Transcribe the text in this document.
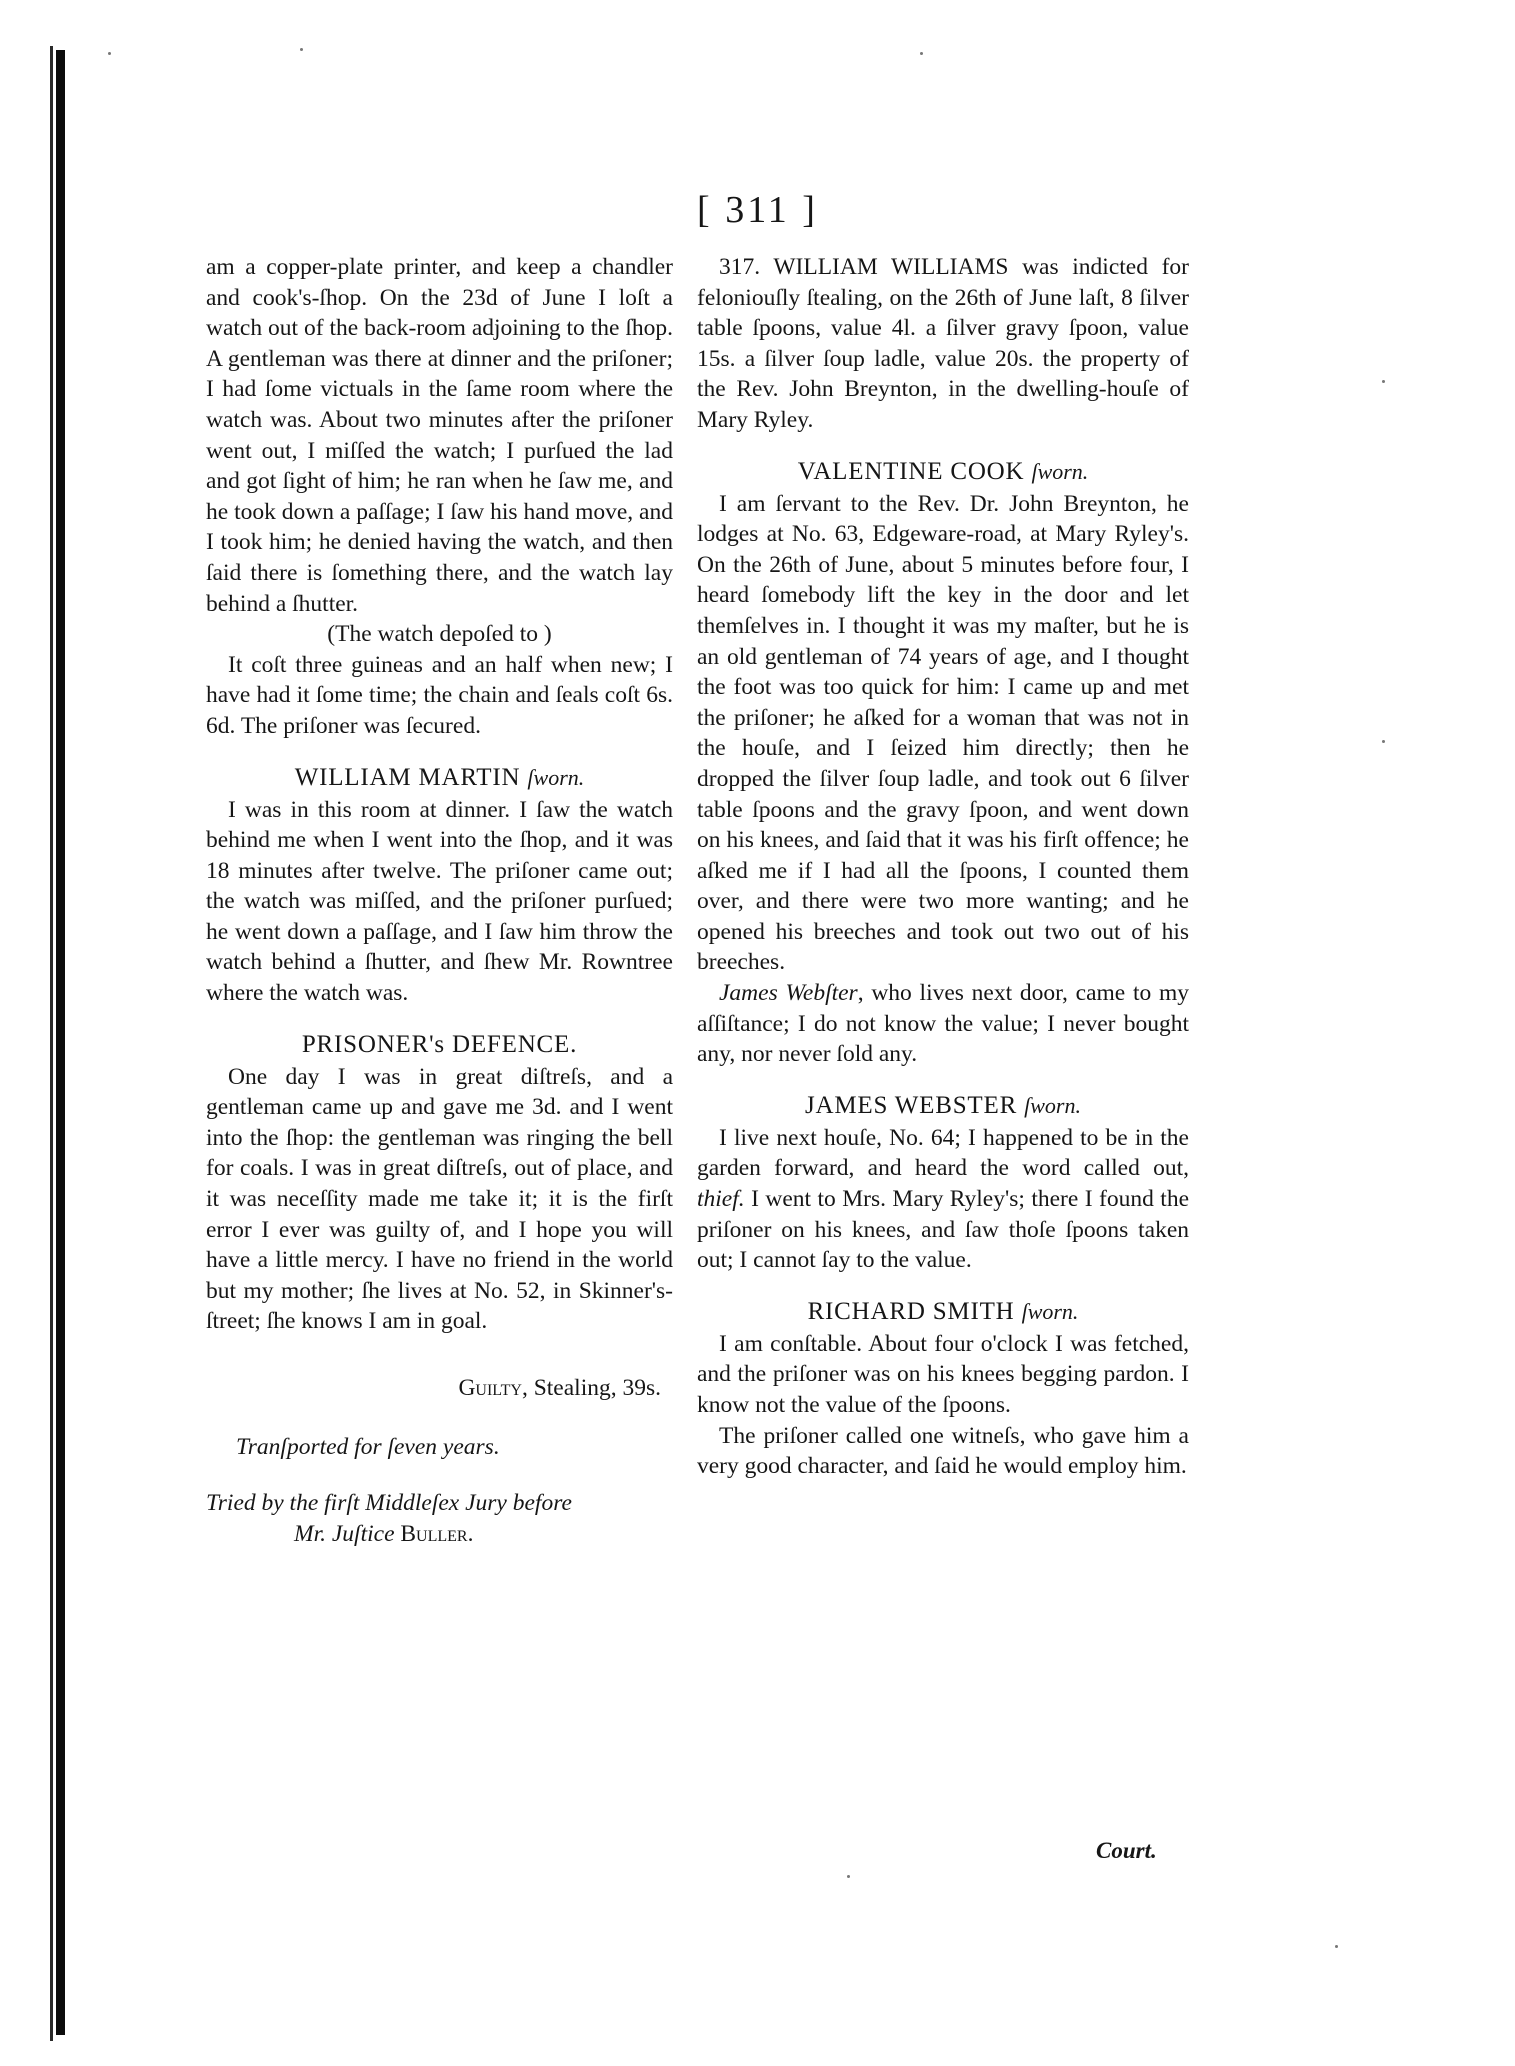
[ 311 ]

am a copper-plate printer, and keep a chandler and cook's-ſhop. On the 23d of June I loſt a watch out of the back-room adjoining to the ſhop. A gentleman was there at dinner and the priſoner; I had ſome victuals in the ſame room where the watch was. About two minutes after the priſoner went out, I miſſed the watch; I purſued the lad and got ſight of him; he ran when he ſaw me, and he took down a paſſage; I ſaw his hand move, and I took him; he denied having the watch, and then ſaid there is ſomething there, and the watch lay behind a ſhutter.

(The watch depoſed to )

It coſt three guineas and an half when new; I have had it ſome time; the chain and ſeals coſt 6s. 6d. The priſoner was ſecured.

WILLIAM MARTIN ſworn.

I was in this room at dinner. I ſaw the watch behind me when I went into the ſhop, and it was 18 minutes after twelve. The priſoner came out; the watch was miſſed, and the priſoner purſued; he went down a paſſage, and I ſaw him throw the watch behind a ſhutter, and ſhew Mr. Rowntree where the watch was.

PRISONER's DEFENCE.

One day I was in great diſtreſs, and a gentleman came up and gave me 3d. and I went into the ſhop: the gentleman was ringing the bell for coals. I was in great diſtreſs, out of place, and it was neceſſity made me take it; it is the firſt error I ever was guilty of, and I hope you will have a little mercy. I have no friend in the world but my mother; ſhe lives at No. 52, in Skinner's-ſtreet; ſhe knows I am in goal.

Guilty, Stealing, 39s.

Tranſported for ſeven years.

Tried by the firſt Middleſex Jury before

Mr. Juſtice Buller.

317. WILLIAM WILLIAMS was indicted for feloniouſly ſtealing, on the 26th of June laſt, 8 ſilver table ſpoons, value 4l. a ſilver gravy ſpoon, value 15s. a ſilver ſoup ladle, value 20s. the property of the Rev. John Breynton, in the dwelling-houſe of Mary Ryley.

VALENTINE COOK ſworn.

I am ſervant to the Rev. Dr. John Breynton, he lodges at No. 63, Edgeware-road, at Mary Ryley's. On the 26th of June, about 5 minutes before four, I heard ſomebody lift the key in the door and let themſelves in. I thought it was my maſter, but he is an old gentleman of 74 years of age, and I thought the foot was too quick for him: I came up and met the priſoner; he aſked for a woman that was not in the houſe, and I ſeized him directly; then he dropped the ſilver ſoup ladle, and took out 6 ſilver table ſpoons and the gravy ſpoon, and went down on his knees, and ſaid that it was his firſt offence; he aſked me if I had all the ſpoons, I counted them over, and there were two more wanting; and he opened his breeches and took out two out of his breeches.

James Webſter, who lives next door, came to my aſſiſtance; I do not know the value; I never bought any, nor never ſold any.

JAMES WEBSTER ſworn.

I live next houſe, No. 64; I happened to be in the garden forward, and heard the word called out, thief. I went to Mrs. Mary Ryley's; there I found the priſoner on his knees, and ſaw thoſe ſpoons taken out; I cannot ſay to the value.

RICHARD SMITH ſworn.

I am conſtable. About four o'clock I was fetched, and the priſoner was on his knees begging pardon. I know not the value of the ſpoons.

The priſoner called one witneſs, who gave him a very good character, and ſaid he would employ him.

Court.
